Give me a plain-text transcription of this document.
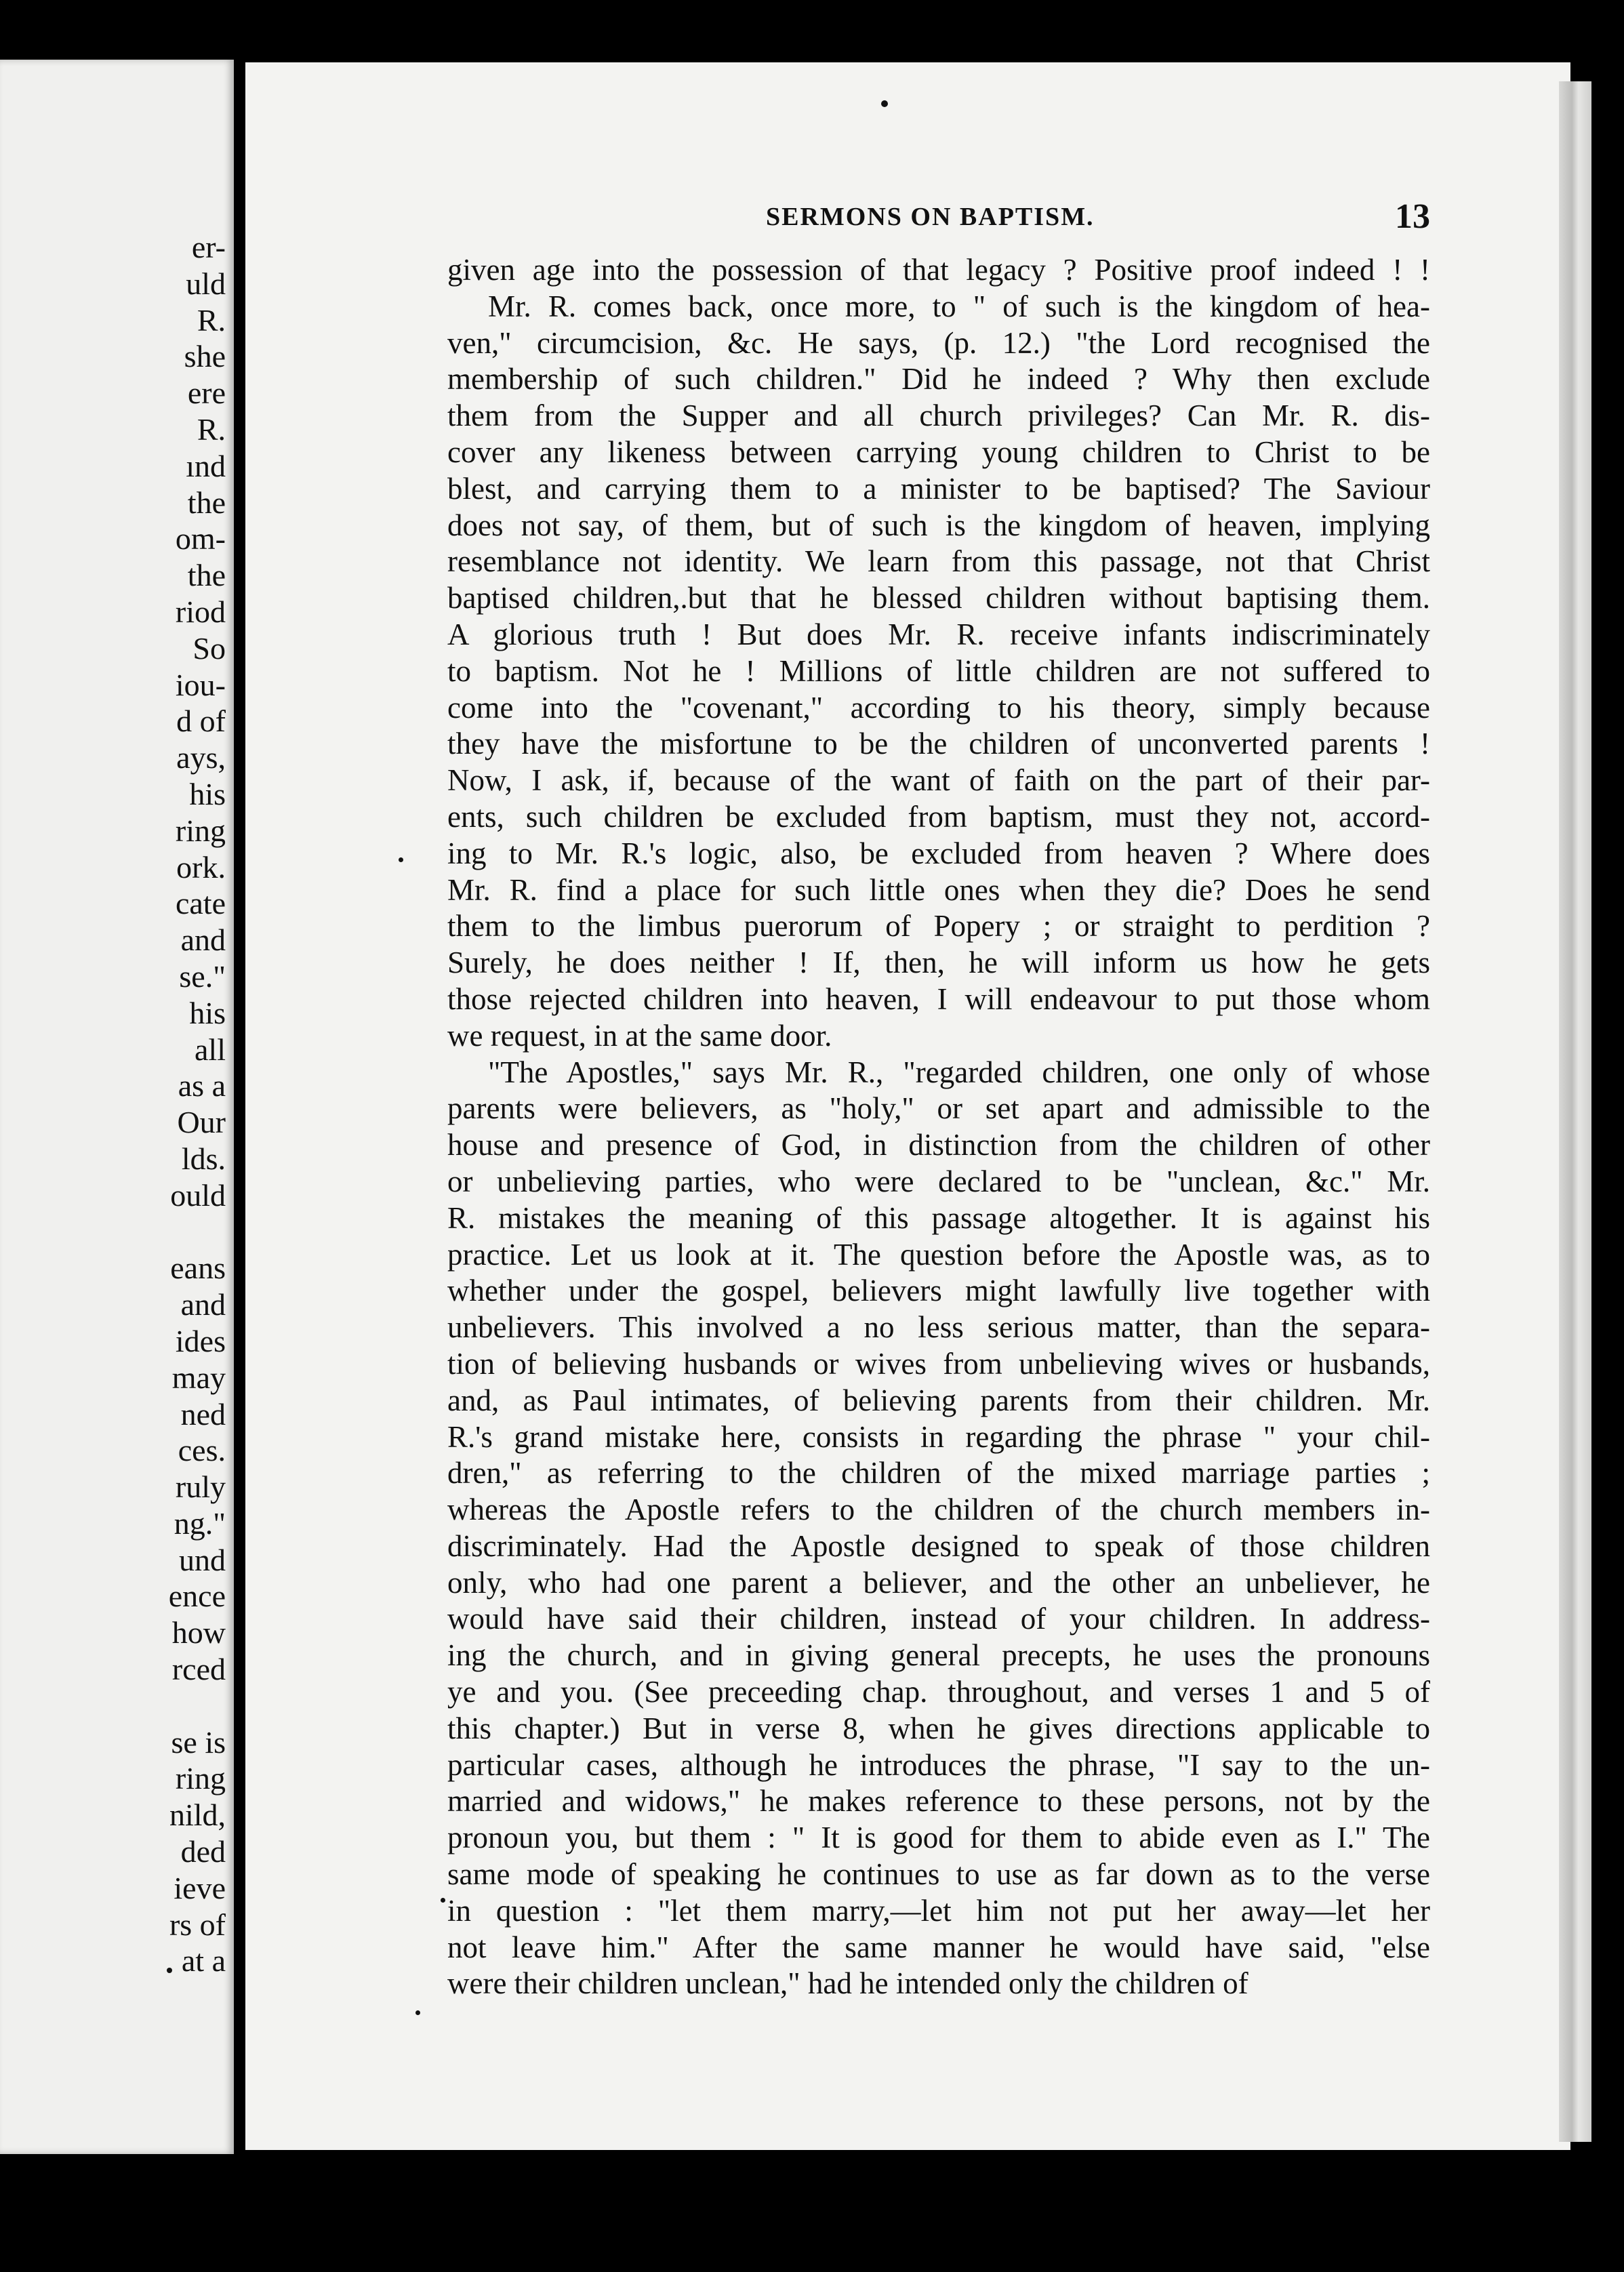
er-
uld
R.
she
ere
R.
ınd
the
om-
the
riod
So
iou-
d of
ays,
his
ring
ork.
cate
and
se."
his
all
as a
Our
lds.
ould
eans
and
ides
may
ned
ces.
ruly
ng."
und
ence
how
rced
se is
ring
nild,
ded
ieve
rs of
at a
SERMONS ON BAPTISM.	13
given age into the possession of that legacy ? Positive proof indeed ! !
Mr. R. comes back, once more, to " of such is the kingdom of hea-
ven," circumcision, &c. He says, (p. 12.) "the Lord recognised the
membership of such children." Did he indeed ? Why then exclude
them from the Supper and all church privileges? Can Mr. R. dis-
cover any likeness between carrying young children to Christ to be
blest, and carrying them to a minister to be baptised? The Saviour
does not say, of them, but of such is the kingdom of heaven, implying
resemblance not identity. We learn from this passage, not that Christ
baptised children,.but that he blessed children without baptising them.
A glorious truth ! But does Mr. R. receive infants indiscriminately
to baptism. Not he ! Millions of little children are not suffered to
come into the "covenant," according to his theory, simply because
they have the misfortune to be the children of unconverted parents !
Now, I ask, if, because of the want of faith on the part of their par-
ents, such children be excluded from baptism, must they not, accord-
ing to Mr. R.'s logic, also, be excluded from heaven ? Where does
Mr. R. find a place for such little ones when they die? Does he send
them to the limbus puerorum of Popery ; or straight to perdition ?
Surely, he does neither ! If, then, he will inform us how he gets
those rejected children into heaven, I will endeavour to put those whom
we request, in at the same door.
"The Apostles," says Mr. R., "regarded children, one only of whose
parents were believers, as "holy," or set apart and admissible to the
house and presence of God, in distinction from the children of other
or unbelieving parties, who were declared to be "unclean, &c." Mr.
R. mistakes the meaning of this passage altogether. It is against his
practice. Let us look at it. The question before the Apostle was, as to
whether under the gospel, believers might lawfully live together with
unbelievers. This involved a no less serious matter, than the separa-
tion of believing husbands or wives from unbelieving wives or husbands,
and, as Paul intimates, of believing parents from their children. Mr.
R.'s grand mistake here, consists in regarding the phrase " your chil-
dren," as referring to the children of the mixed marriage parties ;
whereas the Apostle refers to the children of the church members in-
discriminately. Had the Apostle designed to speak of those children
only, who had one parent a believer, and the other an unbeliever, he
would have said their children, instead of your children. In address-
ing the church, and in giving general precepts, he uses the pronouns
ye and you. (See preceeding chap. throughout, and verses 1 and 5 of
this chapter.) But in verse 8, when he gives directions applicable to
particular cases, although he introduces the phrase, "I say to the un-
married and widows," he makes reference to these persons, not by the
pronoun you, but them : " It is good for them to abide even as I." The
same mode of speaking he continues to use as far down as to the verse
in question : "let them marry,—let him not put her away—let her
not leave him." After the same manner he would have said, "else
were their children unclean," had he intended only the children of
